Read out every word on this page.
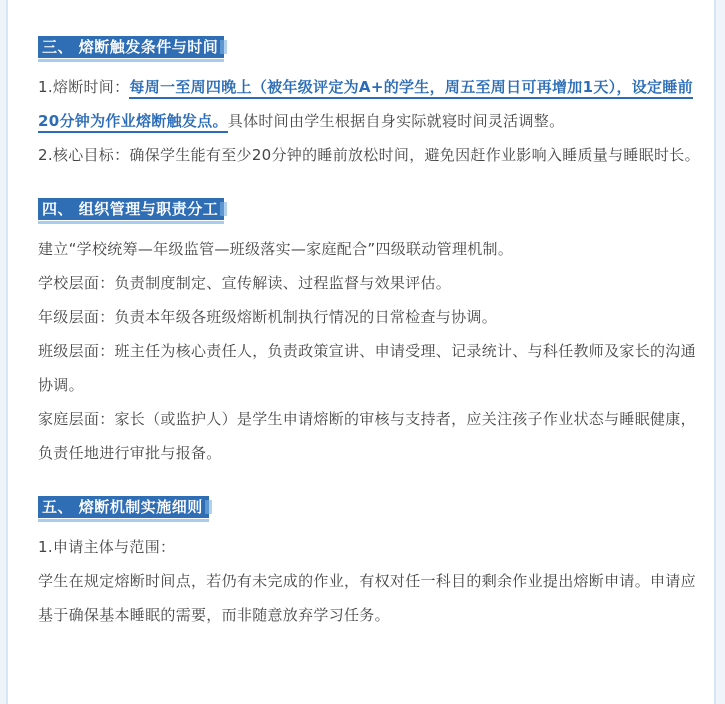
三、 熔断触发条件与时间

1.熔断时间：每周一至周四晚上（被年级评定为A+的学生，周五至周日可再增加1天），设定睡前20分钟为作业熔断触发点。具体时间由学生根据自身实际就寝时间灵活调整。

2.核心目标：确保学生能有至少20分钟的睡前放松时间，避免因赶作业影响入睡质量与睡眠时长。

四、 组织管理与职责分工

建立“学校统筹—年级监管—班级落实—家庭配合”四级联动管理机制。

学校层面：负责制度制定、宣传解读、过程监督与效果评估。

年级层面：负责本年级各班级熔断机制执行情况的日常检查与协调。

班级层面：班主任为核心责任人，负责政策宣讲、申请受理、记录统计、与科任教师及家长的沟通协调。

家庭层面：家长（或监护人）是学生申请熔断的审核与支持者，应关注孩子作业状态与睡眠健康，负责任地进行审批与报备。

五、 熔断机制实施细则

1.申请主体与范围：

学生在规定熔断时间点，若仍有未完成的作业，有权对任一科目的剩余作业提出熔断申请。申请应基于确保基本睡眠的需要，而非随意放弃学习任务。
